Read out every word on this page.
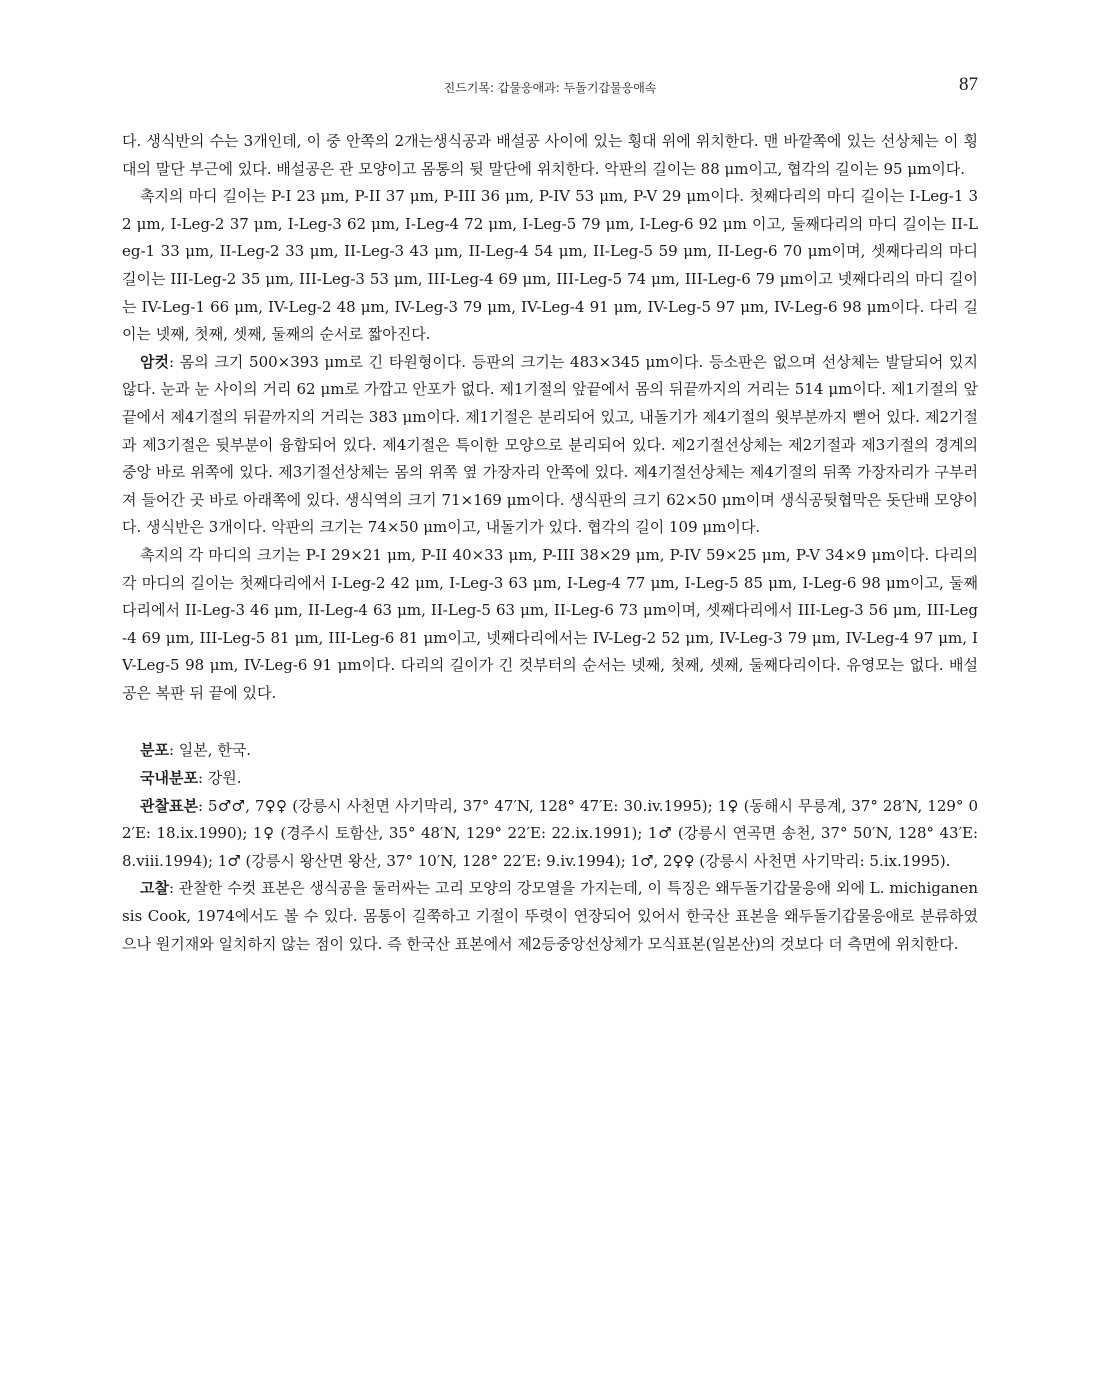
진드기목: 갑물응애과: 두돌기갑물응애속	87

다. 생식반의 수는 3개인데, 이 중 안쪽의 2개는생식공과 배설공 사이에 있는 횡대 위에 위치한다. 맨 바깥쪽에 있는 선상체는 이 횡대의 말단 부근에 있다. 배설공은 관 모양이고 몸통의 뒷 말단에 위치한다. 악판의 길이는 88 μm이고, 협각의 길이는 95 μm이다.

촉지의 마디 길이는 P-I 23 μm, P-II 37 μm, P-III 36 μm, P-IV 53 μm, P-V 29 μm이다. 첫째다리의 마디 길이는 I-Leg-1 32 μm, I-Leg-2 37 μm, I-Leg-3 62 μm, I-Leg-4 72 μm, I-Leg-5 79 μm, I-Leg-6 92 μm 이고, 둘째다리의 마디 길이는 II-Leg-1 33 μm, II-Leg-2 33 μm, II-Leg-3 43 μm, II-Leg-4 54 μm, II-Leg-5 59 μm, II-Leg-6 70 μm이며, 셋째다리의 마디 길이는 III-Leg-2 35 μm, III-Leg-3 53 μm, III-Leg-4 69 μm, III-Leg-5 74 μm, III-Leg-6 79 μm이고 넷째다리의 마디 길이는 IV-Leg-1 66 μm, IV-Leg-2 48 μm, IV-Leg-3 79 μm, IV-Leg-4 91 μm, IV-Leg-5 97 μm, IV-Leg-6 98 μm이다. 다리 길이는 넷째, 첫째, 셋째, 둘째의 순서로 짧아진다.

암컷: 몸의 크기 500×393 μm로 긴 타원형이다. 등판의 크기는 483×345 μm이다. 등소판은 없으며 선상체는 발달되어 있지 않다. 눈과 눈 사이의 거리 62 μm로 가깝고 안포가 없다. 제1기절의 앞끝에서 몸의 뒤끝까지의 거리는 514 μm이다. 제1기절의 앞끝에서 제4기절의 뒤끝까지의 거리는 383 μm이다. 제1기절은 분리되어 있고, 내돌기가 제4기절의 윗부분까지 뻗어 있다. 제2기절과 제3기절은 뒷부분이 융합되어 있다. 제4기절은 특이한 모양으로 분리되어 있다. 제2기절선상체는 제2기절과 제3기절의 경계의 중앙 바로 위쪽에 있다. 제3기절선상체는 몸의 위쪽 옆 가장자리 안쪽에 있다. 제4기절선상체는 제4기절의 뒤쪽 가장자리가 구부러져 들어간 곳 바로 아래쪽에 있다. 생식역의 크기 71×169 μm이다. 생식판의 크기 62×50 μm이며 생식공뒷협막은 돗단배 모양이다. 생식반은 3개이다. 악판의 크기는 74×50 μm이고, 내돌기가 있다. 협각의 길이 109 μm이다.

촉지의 각 마디의 크기는 P-I 29×21 μm, P-II 40×33 μm, P-III 38×29 μm, P-IV 59×25 μm, P-V 34×9 μm이다. 다리의 각 마디의 길이는 첫째다리에서 I-Leg-2 42 μm, I-Leg-3 63 μm, I-Leg-4 77 μm, I-Leg-5 85 μm, I-Leg-6 98 μm이고, 둘째다리에서 II-Leg-3 46 μm, II-Leg-4 63 μm, II-Leg-5 63 μm, II-Leg-6 73 μm이며, 셋째다리에서 III-Leg-3 56 μm, III-Leg-4 69 μm, III-Leg-5 81 μm, III-Leg-6 81 μm이고, 넷째다리에서는 IV-Leg-2 52 μm, IV-Leg-3 79 μm, IV-Leg-4 97 μm, IV-Leg-5 98 μm, IV-Leg-6 91 μm이다. 다리의 길이가 긴 것부터의 순서는 넷째, 첫째, 셋째, 둘째다리이다. 유영모는 없다. 배설공은 복판 뒤 끝에 있다.

분포: 일본, 한국.

국내분포: 강원.

관찰표본: 5♂♂, 7♀♀ (강릉시 사천면 사기막리, 37° 47′N, 128° 47′E: 30.iv.1995); 1♀ (동해시 무릉계, 37° 28′N, 129° 02′E: 18.ix.1990); 1♀ (경주시 토함산, 35° 48′N, 129° 22′E: 22.ix.1991); 1♂ (강릉시 연곡면 송천, 37° 50′N, 128° 43′E: 8.viii.1994); 1♂ (강릉시 왕산면 왕산, 37° 10′N, 128° 22′E: 9.iv.1994); 1♂, 2♀♀ (강릉시 사천면 사기막리: 5.ix.1995).

고찰: 관찰한 수컷 표본은 생식공을 둘러싸는 고리 모양의 강모열을 가지는데, 이 특징은 왜두돌기갑물응애 외에 L. michiganensis Cook, 1974에서도 볼 수 있다. 몸통이 길쭉하고 기절이 뚜렷이 연장되어 있어서 한국산 표본을 왜두돌기갑물응애로 분류하였으나 원기재와 일치하지 않는 점이 있다. 즉 한국산 표본에서 제2등중앙선상체가 모식표본(일본산)의 것보다 더 측면에 위치한다.
